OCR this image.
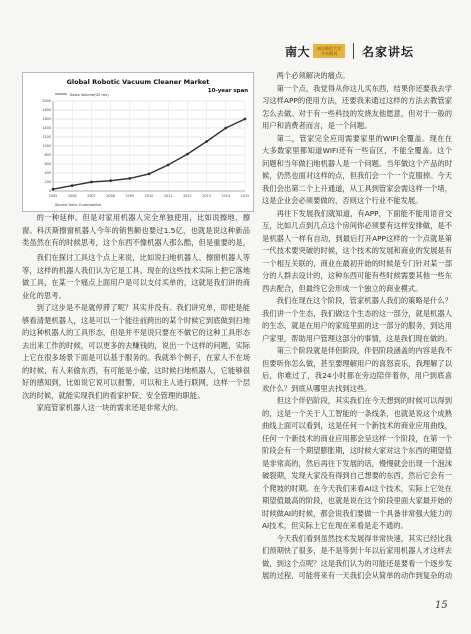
南大	南京师范大学
学术期刊	名家讲坛
Global Robotic Vacuum Cleaner Market
10-year span
Sales Volume(US mn)
0
200
400
600
800
1000
1200
1400
1600
1800
2000
2005	2006	2007	2008	2009	2010	2011	2012	2013	2014	2015
Source from: Euromonitor

的一种延伸。但是对家用机器人完全单独使用，比如说擦地、擦窗。科沃斯擦窗机器人今年的销售额也要过1.5亿，也就是说这种新品类虽然在有的时候思考，这个东西不像机器人那么酷，但是重要的是，

我们在探讨工具这个点上来说，比如说扫地机器人、擦窗机器人等等，这样的机器人我们认为它是工具。现在的这些技术实际上把它落地做工具，在某一个痛点上面用户是可以支付买单的，这就是我们讲的商业化的思考。

到了这步是不是就停滞了呢？其实并没有。我们讲究单，即使是能够看清楚机器人，这是可以一个能往前跨出的某个时候它到底做到扫地的这种机器人的工具形态，但是并不是说只要在不做它的这种工具形态去出来工作的时候，可以更多的去赚钱的，说出一个这样的问题，实际上它在很多场景下面是可以基于服务的。我就举个例子，在家人不在场的时候，有人来偷东西，有可能是小偷，这时候扫地机器人，它能够很好的感知到，比如说它说可以报警，可以和主人进行联网，这样一个层次的时候，就能实现我们的看家护院、安全管理的职能。

家庭管家机器人这一块的需求还是非常大的。

两个必须解决的痛点。

第一个点，我觉得从你这儿买东西，结果你还要我去学习这样APP的使用方法，还要我来通过这样的方法去教管家怎么去做。对于有一些科技的发烧友他愿意，但对于一般的用户和消费者而言，是一个问题。

第二，管家完全应用需要家里的WIFI全覆盖。现在在大多数家里都知道WIFI还有一些盲区，不能全覆盖。这个问题和当年做扫地机器人是一个问题。当年做这个产品的时候，仍然也面对这样的点，但我们会一个一个克服掉。今天我们会出第二个上升通道，从工具到管家会需这样一个堵，这是企业会必须要做的，否则这个行业不能发展。

再往下发展我们就知道，有APP，下面能不能用语音交互，比如几点到几点这个房间你必须要有这样安排做，是不是机器人一样有自动，到最后打开APP这样的一个点就是第一代技术要突破的时候，这个技术的发展和商业的发展是有一个相互关联的，商业在最初开始的时候是专门针对某一部分的人群去设计的，这种东西可能有些时候需要其他一些东西去配合，但最终它会形成一个独立的商业模式。

我们在现在这个阶段，管家机器人我们的策略是什么？我们讲一个生态，我们做这个生态的这一部分，就是机器人的生态，就是在用户的家庭里面的这一部分的服务，到达用户家里，帮助用户管理这部分的事情，这是我们现在做的。

第三个阶段就是伴侣阶段，伴侣阶段涵盖的内容是我不但要听你怎么做，甚至要理解用户的喜怒哀乐，我理解了以后，你难过了，我24小时都在旁边陪伴着你，用户到底喜欢什么？到底从哪里去找到这些。

但这个伴侣阶段，其实我们在今天想到的时候可以得到的，这是一个关于人工智能的一条线条，也就是说这个成熟曲线上面可以看到，这是任何一个新技术的商业应用曲线，任何一个新技术的商业应用都会呈这样一个阶段，在第一个阶段会有一个期望膨胀期，这时候大家对这个东西的期望值是非常高的，然后再往下发展的话，慢慢就会出现一个泡沫破裂期，发现大家没有得到自己想要的东西，然后它会有一个爬坡的时期。在今天我们来看AI这个技术，实际上它处在期望值最高的阶段，也就是说在这个阶段里面大家最开始的时候做AI的时候，都会说我们要做一个具备非常强大能力的AI技术，但实际上它在现在来看是走不通的。

今天我们看到虽然技术发展得非常快速，其实已经比我们预期快了很多，是不是等到十年以后家用机器人才这样去做，到这个点呢？这是我们认为的可能还是要看一个逐步发展的过程，可能将来有一天我们会从简单的动作到复杂的动

15
